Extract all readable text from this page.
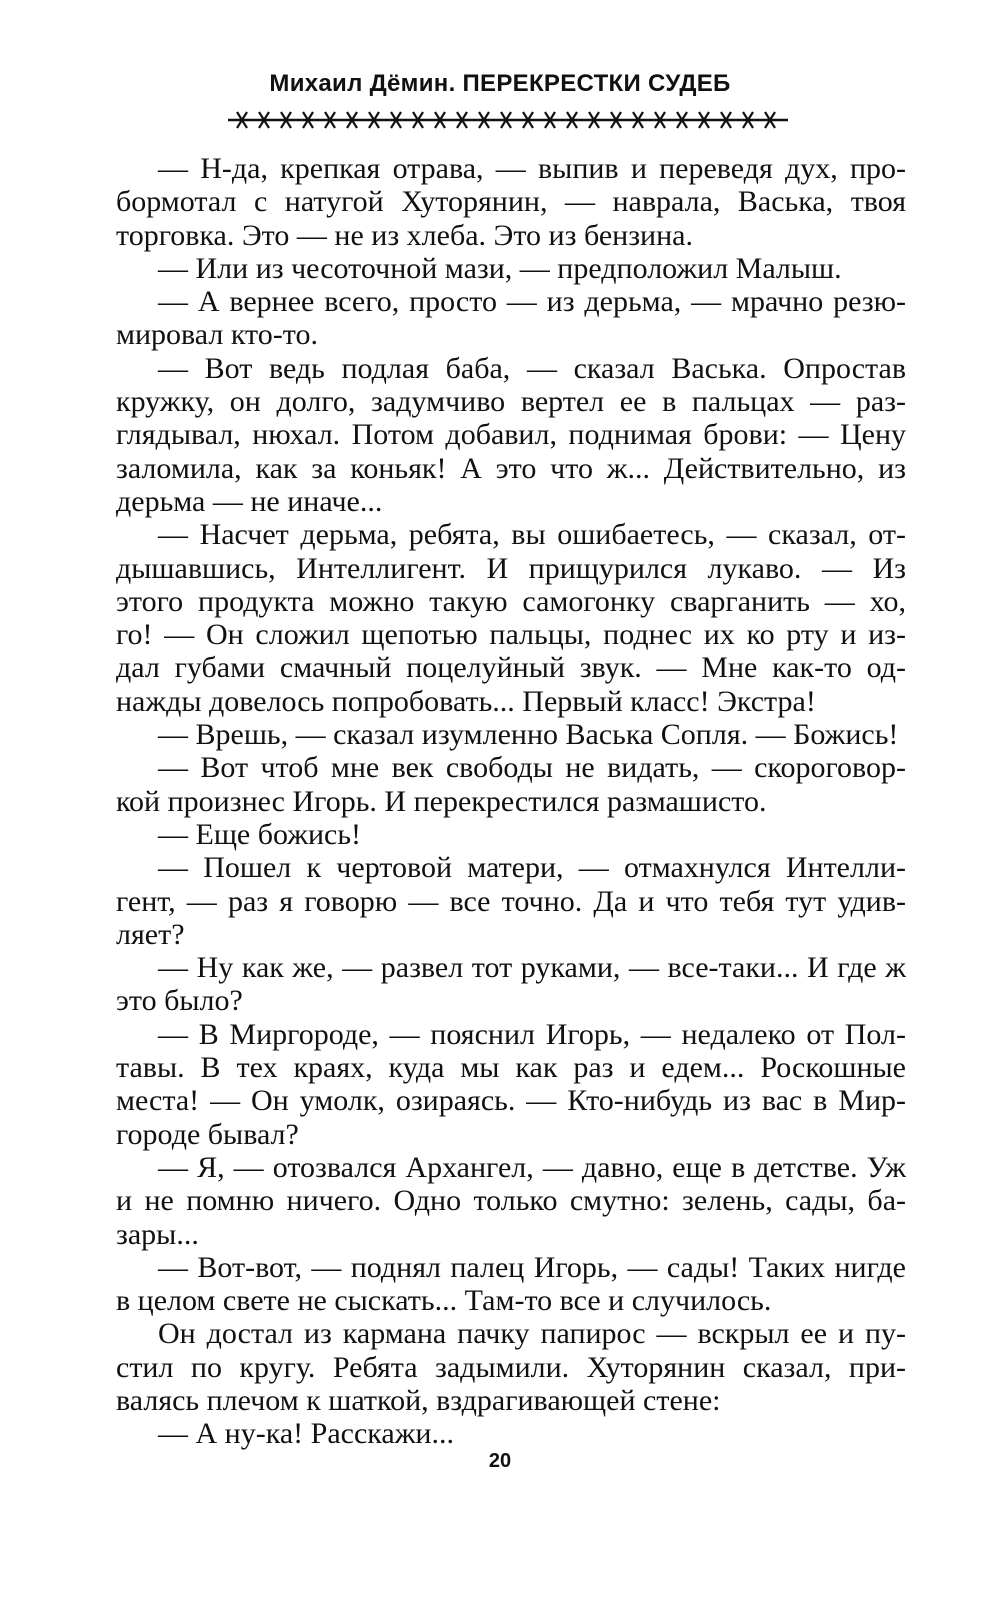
Михаил Дёмин. ПЕРЕКРЕСТКИ СУДЕБ
— Н-да, крепкая отрава, — выпив и переведя дух, про-
бормотал с натугой Хуторянин, — наврала, Васька, твоя
торговка. Это — не из хлеба. Это из бензина.
— Или из чесоточной мази, — предположил Малыш.
— А вернее всего, просто — из дерьма, — мрачно резю-
мировал кто-то.
— Вот ведь подлая баба, — сказал Васька. Опростав
кружку, он долго, задумчиво вертел ее в пальцах — раз-
глядывал, нюхал. Потом добавил, поднимая брови: — Цену
заломила, как за коньяк! А это что ж... Действительно, из
дерьма — не иначе...
— Насчет дерьма, ребята, вы ошибаетесь, — сказал, от-
дышавшись, Интеллигент. И прищурился лукаво. — Из
этого продукта можно такую самогонку сварганить — хо,
го! — Он сложил щепотью пальцы, поднес их ко рту и из-
дал губами смачный поцелуйный звук. — Мне как-то од-
нажды довелось попробовать... Первый класс! Экстра!
— Врешь, — сказал изумленно Васька Сопля. — Божись!
— Вот чтоб мне век свободы не видать, — скороговор-
кой произнес Игорь. И перекрестился размашисто.
— Еще божись!
— Пошел к чертовой матери, — отмахнулся Интелли-
гент, — раз я говорю — все точно. Да и что тебя тут удив-
ляет?
— Ну как же, — развел тот руками, — все-таки... И где ж
это было?
— В Миргороде, — пояснил Игорь, — недалеко от Пол-
тавы. В тех краях, куда мы как раз и едем... Роскошные
места! — Он умолк, озираясь. — Кто-нибудь из вас в Мир-
городе бывал?
— Я, — отозвался Архангел, — давно, еще в детстве. Уж
и не помню ничего. Одно только смутно: зелень, сады, ба-
зары...
— Вот-вот, — поднял палец Игорь, — сады! Таких нигде
в целом свете не сыскать... Там-то все и случилось.
Он достал из кармана пачку папирос — вскрыл ее и пу-
стил по кругу. Ребята задымили. Хуторянин сказал, при-
валясь плечом к шаткой, вздрагивающей стене:
— А ну-ка! Расскажи...
20
